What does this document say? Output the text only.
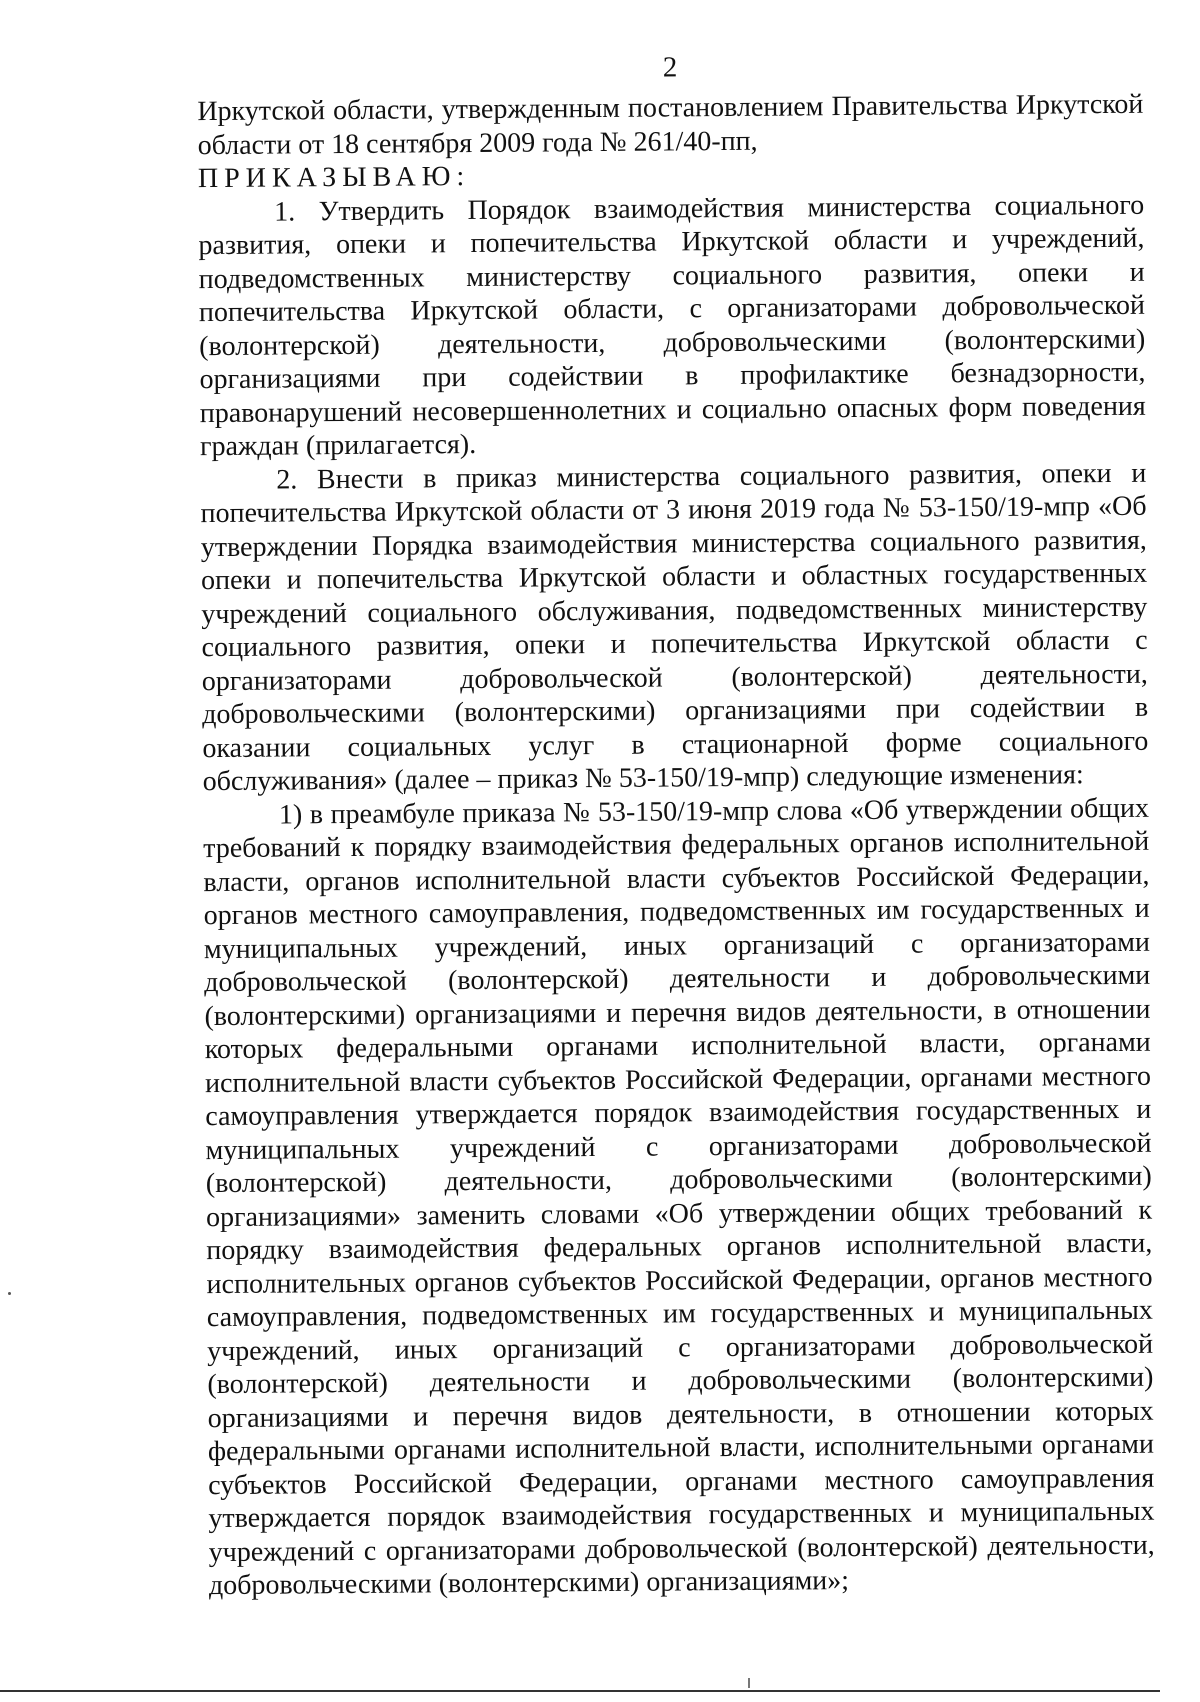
2

Иркутской области, утвержденным постановлением Правительства Иркутской области от 18 сентября 2009 года № 261/40-пп,

ПРИКАЗЫВАЮ:

1. Утвердить Порядок взаимодействия министерства социального развития, опеки и попечительства Иркутской области и учреждений, подведомственных министерству социального развития, опеки и попечительства Иркутской области, с организаторами добровольческой (волонтерской) деятельности, добровольческими (волонтерскими) организациями при содействии в профилактике безнадзорности, правонарушений несовершеннолетних и социально опасных форм поведения граждан (прилагается).

2. Внести в приказ министерства социального развития, опеки и попечительства Иркутской области от 3 июня 2019 года № 53-150/19-мпр «Об утверждении Порядка взаимодействия министерства социального развития, опеки и попечительства Иркутской области и областных государственных учреждений социального обслуживания, подведомственных министерству социального развития, опеки и попечительства Иркутской области с организаторами добровольческой (волонтерской) деятельности, добровольческими (волонтерскими) организациями при содействии в оказании социальных услуг в стационарной форме социального обслуживания» (далее – приказ № 53-150/19-мпр) следующие изменения:

1) в преамбуле приказа № 53-150/19-мпр слова «Об утверждении общих требований к порядку взаимодействия федеральных органов исполнительной власти, органов исполнительной власти субъектов Российской Федерации, органов местного самоуправления, подведомственных им государственных и муниципальных учреждений, иных организаций с организаторами добровольческой (волонтерской) деятельности и добровольческими (волонтерскими) организациями и перечня видов деятельности, в отношении которых федеральными органами исполнительной власти, органами исполнительной власти субъектов Российской Федерации, органами местного самоуправления утверждается порядок взаимодействия государственных и муниципальных учреждений с организаторами добровольческой (волонтерской) деятельности, добровольческими (волонтерскими) организациями» заменить словами «Об утверждении общих требований к порядку взаимодействия федеральных органов исполнительной власти, исполнительных органов субъектов Российской Федерации, органов местного самоуправления, подведомственных им государственных и муниципальных учреждений, иных организаций с организаторами добровольческой (волонтерской) деятельности и добровольческими (волонтерскими) организациями и перечня видов деятельности, в отношении которых федеральными органами исполнительной власти, исполнительными органами субъектов Российской Федерации, органами местного самоуправления утверждается порядок взаимодействия государственных и муниципальных учреждений с организаторами добровольческой (волонтерской) деятельности, добровольческими (волонтерскими) организациями»;
